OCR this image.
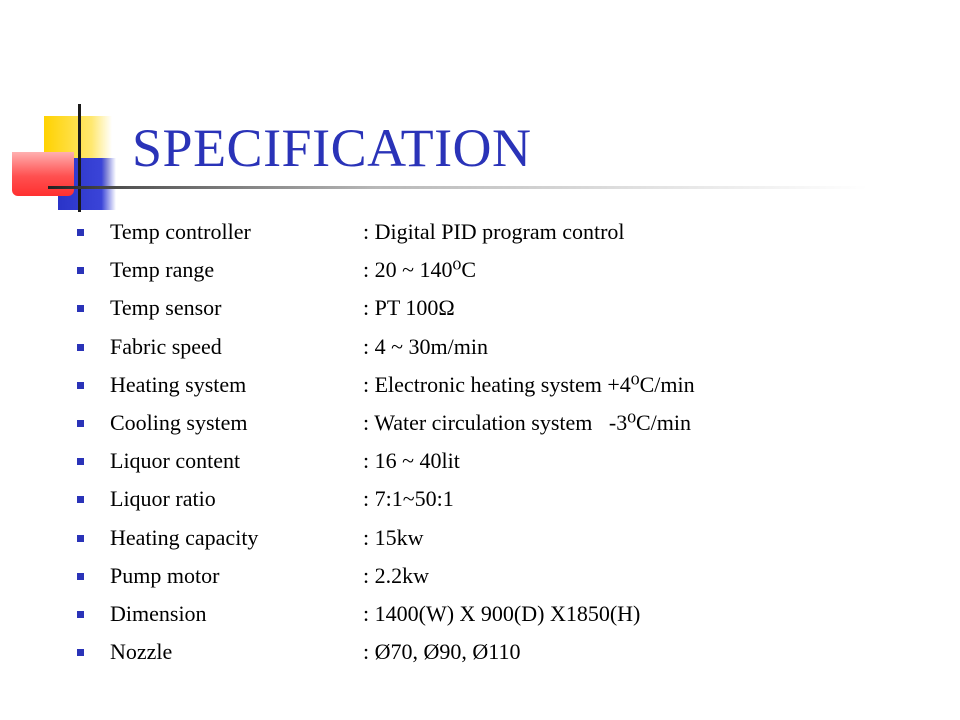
SPECIFICATION
Temp controller	: Digital PID program control
Temp range	: 20 ~ 140⁰C
Temp sensor	: PT 100Ω
Fabric speed	: 4 ~ 30m/min
Heating system	: Electronic heating system +4⁰C/min
Cooling system	: Water circulation system   -3⁰C/min
Liquor content	: 16 ~ 40lit
Liquor ratio	: 7:1~50:1
Heating capacity	: 15kw
Pump motor	: 2.2kw
Dimension	: 1400(W) X 900(D) X1850(H)
Nozzle	: Ø70, Ø90, Ø110
